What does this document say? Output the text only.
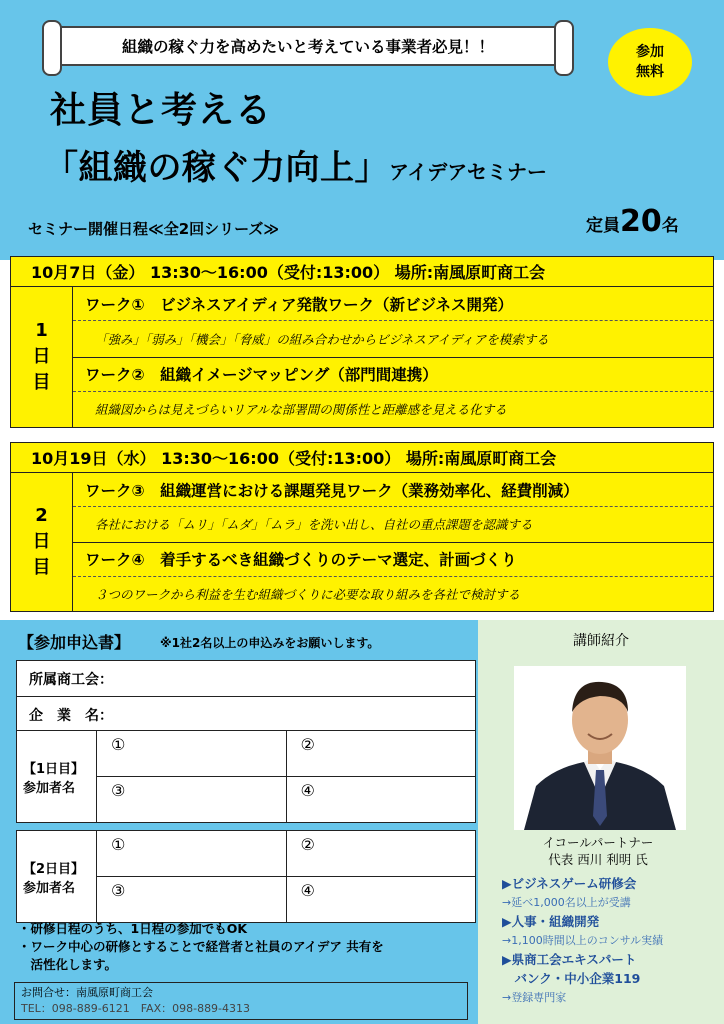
組織の稼ぐ力を高めたいと考えている事業者必見！！	参加
無料
社員と考える
「組織の稼ぐ力向上」アイデアセミナー
セミナー開催日程≪全2回シリーズ≫	定員20名
10月7日（金） 13:30～16:00（受付:13:00） 場所:南風原町商工会
1
日
目
ワーク①　ビジネスアイディア発散ワーク（新ビジネス開発）
「強み」「弱み」「機会」「脅威」の組み合わせからビジネスアイディアを模索する
ワーク②　組織イメージマッピング（部門間連携）
組織図からは見えづらいリアルな部署間の関係性と距離感を見える化する
10月19日（水） 13:30～16:00（受付:13:00） 場所:南風原町商工会
2
日
目
ワーク③　組織運営における課題発見ワーク（業務効率化、経費削減）
各社における「ムリ」「ムダ」「ムラ」を洗い出し、自社の重点課題を認識する
ワーク④　着手するべき組織づくりのテーマ選定、計画づくり
３つのワークから利益を生む組織づくりに必要な取り組みを各社で検討する
【参加申込書】 ※1社2名以上の申込みをお願いします。
所属商工会：
企　業　名：
【1日目】
参加者名	①	②
	③	④
【2日目】
参加者名	①	②
	③	④
・研修日程のうち、1日程の参加でもOK
・ワーク中心の研修とすることで経営者と社員のアイデア 共有を
　活性化します。
お問合せ：南風原町商工会
TEL：098-889-6121　FAX：098-889-4313
講師紹介
イコールパートナー
代表 西川 利明 氏
▶ビジネスゲーム研修会
→延べ1,000名以上が受講
▶人事・組織開発
→1,100時間以上のコンサル実績
▶県商工会エキスパート
　バンク・中小企業119
→登録専門家
